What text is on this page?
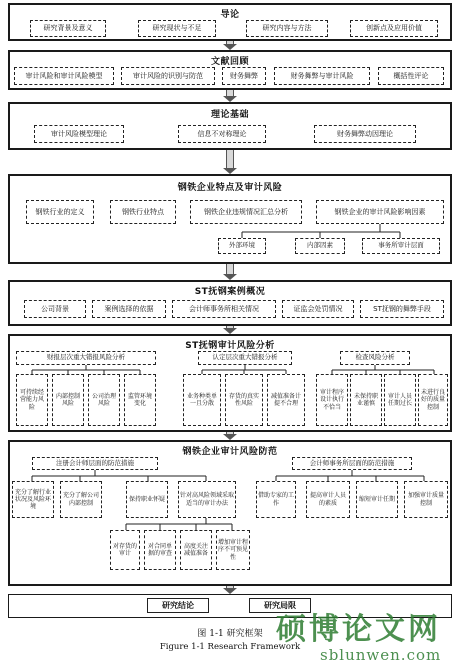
导论
研究背景及意义	研究现状与不足	研究内容与方法	创新点及应用价值
文献回顾
审计风险和审计风险模型	审计风险的识别与防范	财务舞弊	财务舞弊与审计风险	概括性评论
理论基础
审计风险模型理论	信息不对称理论	财务舞弊动因理论
钢铁企业特点及审计风险
钢铁行业的定义	钢铁行业特点	钢铁企业违规情况汇总分析	钢铁企业的审计风险影响因素
外部环境	内部因素	事务所审计层面
ST抚钢案例概况
公司背景	案例选择的依据	会计师事务所相关情况	证监会处罚情况	ST抚钢的舞弊手段
ST抚钢审计风险分析
财报层次重大错报风险分析	认定层次重大错报分析	检查风险分析
可持续经营能力风险
内部控制风险
公司治理风险
监管环境变化
业务种类单一且分散
存货的真实性风险
减值准备计提不合理
审计程序设计执行不恰当
未保持职业谨慎
审计人员任期过长
未进行良好的质量控制
钢铁企业审计风险防范
注册会计师层面的防范措施	会计师事务所层面的防范措施
充分了解行业状况及风险环境
充分了解公司内部控制
保持职业怀疑
针对高风险领域采取适当的审计办法
对存货的审计
对合同单据的审查
高度关注减值准备
增加审计程序不可预见性
借助专家的工作
提高审计人员的素质
缩短审计任期
加强审计质量控制
研究结论	研究局限
图 1-1 研究框架
Figure 1-1 Research Framework
硕博论文网
sblunwen.com
